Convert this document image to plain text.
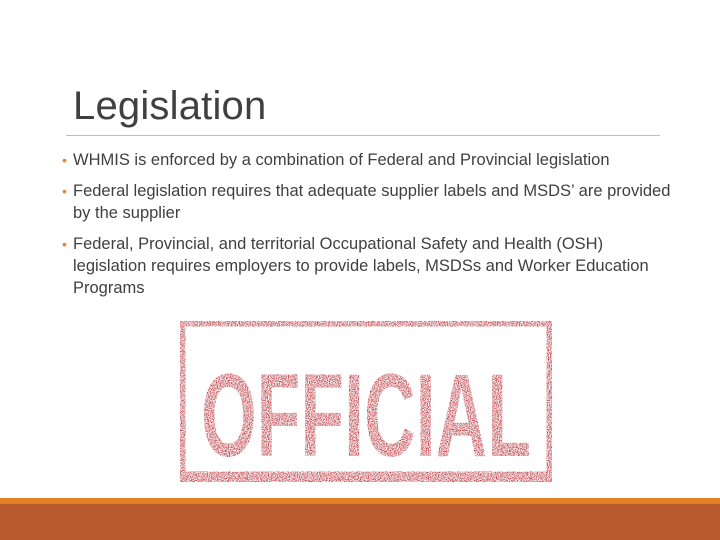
Legislation
• WHMIS is enforced by a combination of Federal and Provincial legislation
• Federal legislation requires that adequate supplier labels and MSDS’ are provided by the supplier
• Federal, Provincial, and territorial Occupational Safety and Health (OSH) legislation requires employers to provide labels, MSDSs and Worker Education Programs
OFFICIAL
